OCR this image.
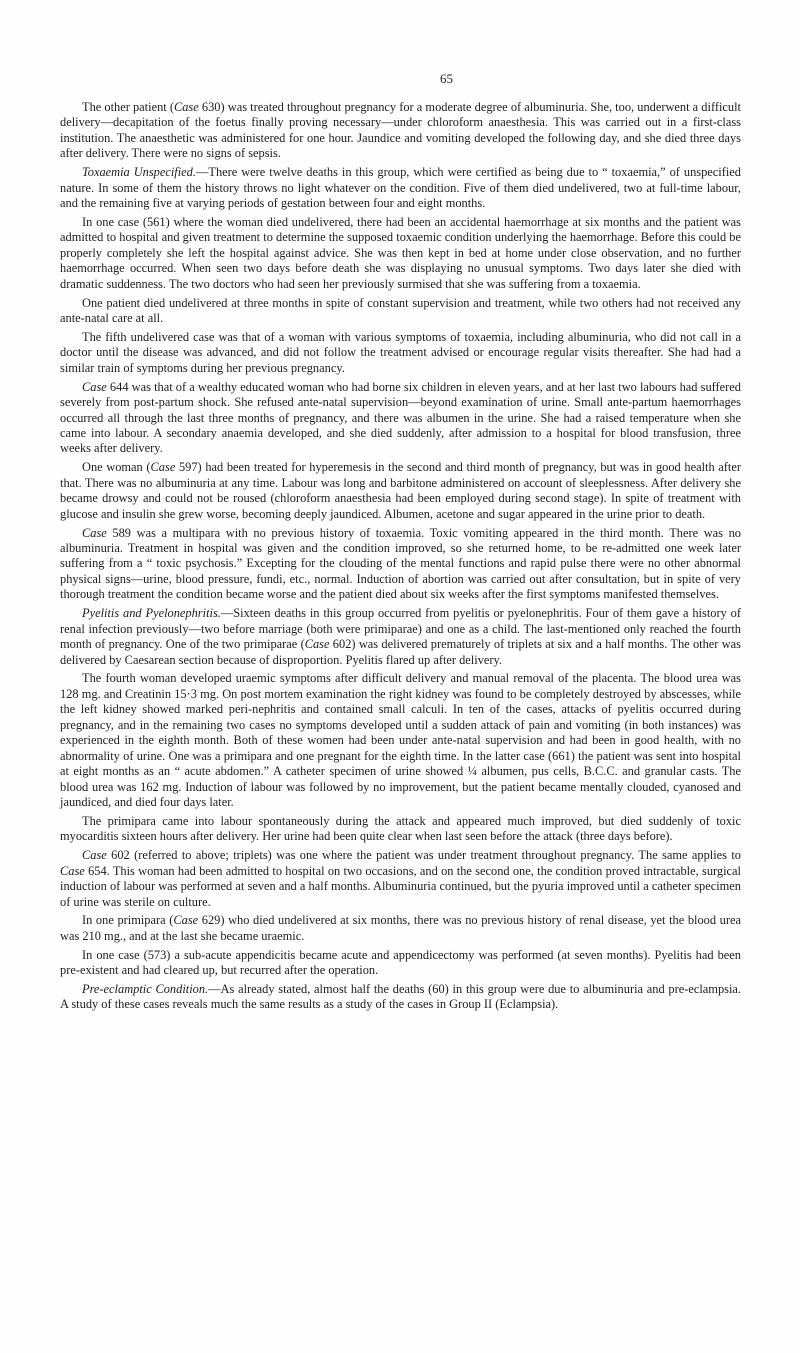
65

The other patient (Case 630) was treated throughout pregnancy for a moderate degree of albuminuria. She, too, underwent a difficult delivery—decapitation of the foetus finally proving necessary—under chloroform anaesthesia. This was carried out in a first-class institution. The anaesthetic was administered for one hour. Jaundice and vomiting developed the following day, and she died three days after delivery. There were no signs of sepsis.

Toxaemia Unspecified.—There were twelve deaths in this group, which were certified as being due to “ toxaemia,” of unspecified nature. In some of them the history throws no light whatever on the condition. Five of them died undelivered, two at full-time labour, and the remaining five at varying periods of gestation between four and eight months.

In one case (561) where the woman died undelivered, there had been an accidental haemorrhage at six months and the patient was admitted to hospital and given treatment to determine the supposed toxaemic condition underlying the haemorrhage. Before this could be properly completely she left the hospital against advice. She was then kept in bed at home under close observation, and no further haemorrhage occurred. When seen two days before death she was displaying no unusual symptoms. Two days later she died with dramatic suddenness. The two doctors who had seen her previously surmised that she was suffering from a toxaemia.

One patient died undelivered at three months in spite of constant supervision and treatment, while two others had not received any ante-natal care at all.

The fifth undelivered case was that of a woman with various symptoms of toxaemia, including albuminuria, who did not call in a doctor until the disease was advanced, and did not follow the treatment advised or encourage regular visits thereafter. She had had a similar train of symptoms during her previous pregnancy.

Case 644 was that of a wealthy educated woman who had borne six children in eleven years, and at her last two labours had suffered severely from post-partum shock. She refused ante-natal supervision—beyond examination of urine. Small ante-partum haemorrhages occurred all through the last three months of pregnancy, and there was albumen in the urine. She had a raised temperature when she came into labour. A secondary anaemia developed, and she died suddenly, after admission to a hospital for blood transfusion, three weeks after delivery.

One woman (Case 597) had been treated for hyperemesis in the second and third month of pregnancy, but was in good health after that. There was no albuminuria at any time. Labour was long and barbitone administered on account of sleeplessness. After delivery she became drowsy and could not be roused (chloroform anaesthesia had been employed during second stage). In spite of treatment with glucose and insulin she grew worse, becoming deeply jaundiced. Albumen, acetone and sugar appeared in the urine prior to death.

Case 589 was a multipara with no previous history of toxaemia. Toxic vomiting appeared in the third month. There was no albuminuria. Treatment in hospital was given and the condition improved, so she returned home, to be re-admitted one week later suffering from a “ toxic psychosis.” Excepting for the clouding of the mental functions and rapid pulse there were no other abnormal physical signs—urine, blood pressure, fundi, etc., normal. Induction of abortion was carried out after consultation, but in spite of very thorough treatment the condition became worse and the patient died about six weeks after the first symptoms manifested themselves.

Pyelitis and Pyelonephritis.—Sixteen deaths in this group occurred from pyelitis or pyelonephritis. Four of them gave a history of renal infection previously—two before marriage (both were primiparae) and one as a child. The last-mentioned only reached the fourth month of pregnancy. One of the two primiparae (Case 602) was delivered prematurely of triplets at six and a half months. The other was delivered by Caesarean section because of disproportion. Pyelitis flared up after delivery.

The fourth woman developed uraemic symptoms after difficult delivery and manual removal of the placenta. The blood urea was 128 mg. and Creatinin 15·3 mg. On post mortem examination the right kidney was found to be completely destroyed by abscesses, while the left kidney showed marked peri-nephritis and contained small calculi. In ten of the cases, attacks of pyelitis occurred during pregnancy, and in the remaining two cases no symptoms developed until a sudden attack of pain and vomiting (in both instances) was experienced in the eighth month. Both of these women had been under ante-natal supervision and had been in good health, with no abnormality of urine. One was a primipara and one pregnant for the eighth time. In the latter case (661) the patient was sent into hospital at eight months as an “ acute abdomen.” A catheter specimen of urine showed ¼ albumen, pus cells, B.C.C. and granular casts. The blood urea was 162 mg. Induction of labour was followed by no improvement, but the patient became mentally clouded, cyanosed and jaundiced, and died four days later.

The primipara came into labour spontaneously during the attack and appeared much improved, but died suddenly of toxic myocarditis sixteen hours after delivery. Her urine had been quite clear when last seen before the attack (three days before).

Case 602 (referred to above; triplets) was one where the patient was under treatment throughout pregnancy. The same applies to Case 654. This woman had been admitted to hospital on two occasions, and on the second one, the condition proved intractable, surgical induction of labour was performed at seven and a half months. Albuminuria continued, but the pyuria improved until a catheter specimen of urine was sterile on culture.

In one primipara (Case 629) who died undelivered at six months, there was no previous history of renal disease, yet the blood urea was 210 mg., and at the last she became uraemic.

In one case (573) a sub-acute appendicitis became acute and appendicectomy was performed (at seven months). Pyelitis had been pre-existent and had cleared up, but recurred after the operation.

Pre-eclamptic Condition.—As already stated, almost half the deaths (60) in this group were due to albuminuria and pre-eclampsia. A study of these cases reveals much the same results as a study of the cases in Group II (Eclampsia).
